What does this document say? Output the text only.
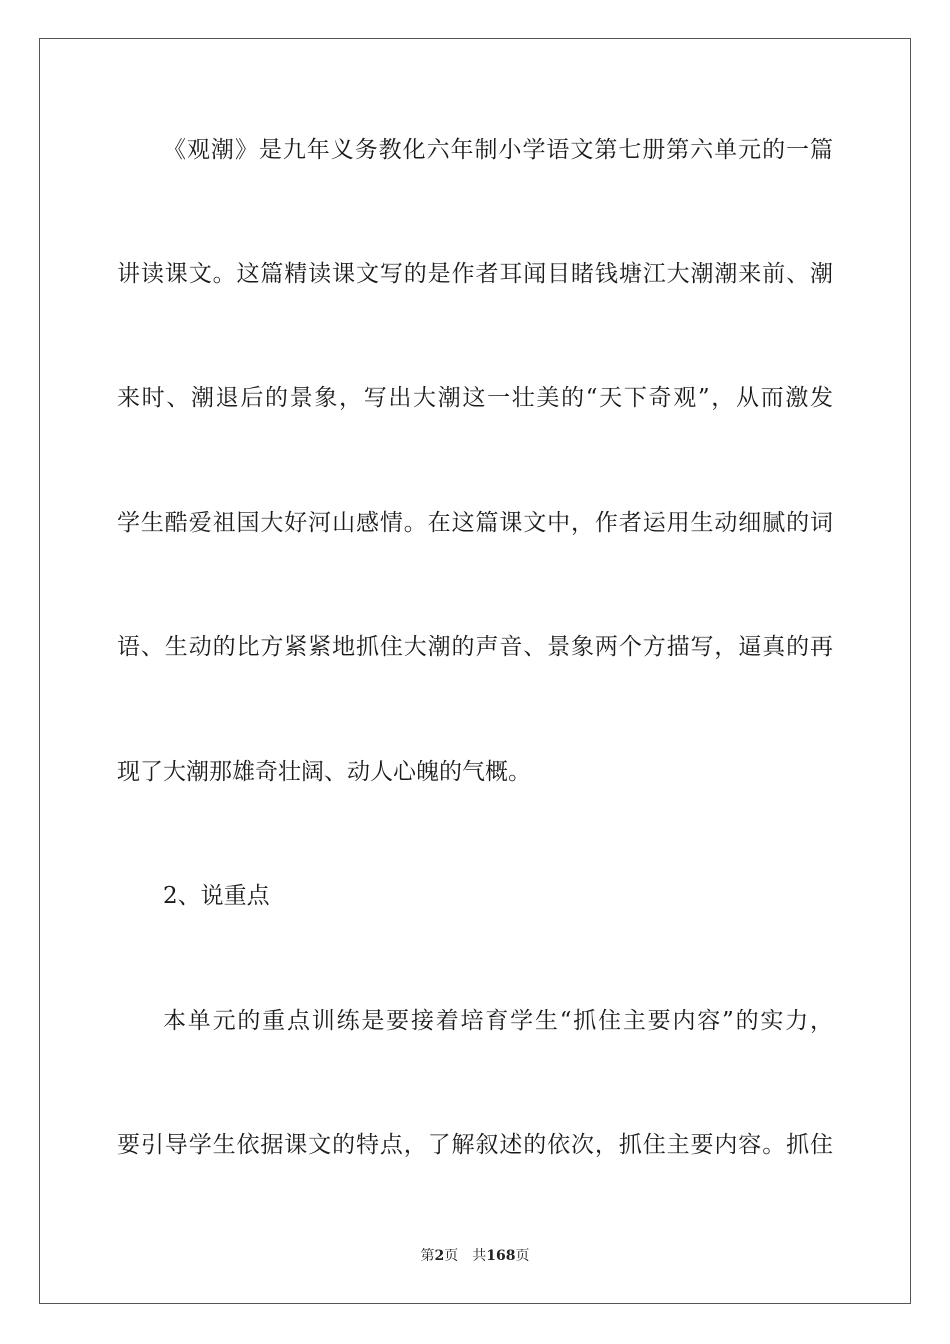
《观潮》是九年义务教化六年制小学语文第七册第六单元的一篇
讲读课文。这篇精读课文写的是作者耳闻目睹钱塘江大潮潮来前、潮
来时、潮退后的景象，写出大潮这一壮美的“天下奇观”，从而激发
学生酷爱祖国大好河山感情。在这篇课文中，作者运用生动细腻的词
语、生动的比方紧紧地抓住大潮的声音、景象两个方描写，逼真的再
现了大潮那雄奇壮阔、动人心魄的气概。
2、说重点
本单元的重点训练是要接着培育学生“抓住主要内容”的实力，
要引导学生依据课文的特点，了解叙述的依次，抓住主要内容。抓住
第2页 共168页
